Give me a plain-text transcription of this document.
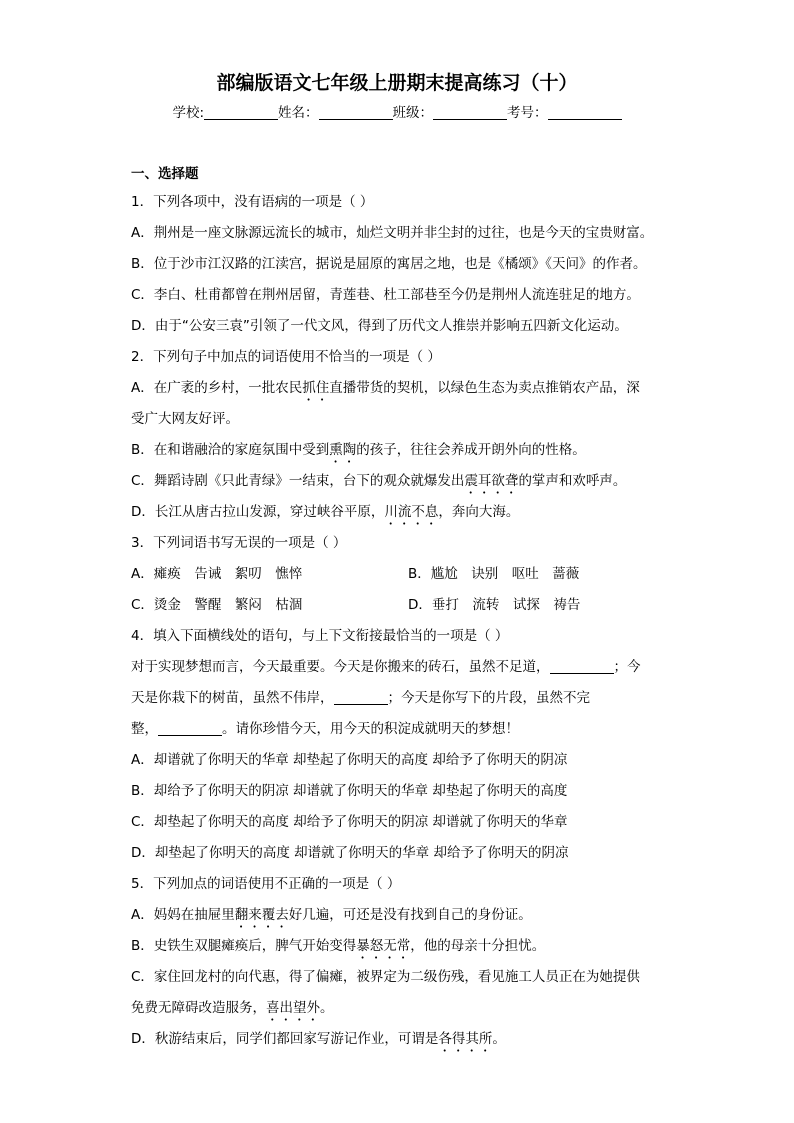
部编版语文七年级上册期末提高练习（十）
学校:	姓名：	班级：	考号：
一、选择题
1．下列各项中，没有语病的一项是（ ）
A．荆州是一座文脉源远流长的城市，灿烂文明并非尘封的过往，也是今天的宝贵财富。
B．位于沙市江汉路的江渎宫，据说是屈原的寓居之地，也是《橘颂》《天问》的作者。
C．李白、杜甫都曾在荆州居留，青莲巷、杜工部巷至今仍是荆州人流连驻足的地方。
D．由于“公安三袁”引领了一代文风，得到了历代文人推崇并影响五四新文化运动。
2．下列句子中加点的词语使用不恰当的一项是（ ）
A．在广袤的乡村，一批农民抓住直播带货的契机，以绿色生态为卖点推销农产品，深
受广大网友好评。
B．在和谐融洽的家庭氛围中受到熏陶的孩子，往往会养成开朗外向的性格。
C．舞蹈诗剧《只此青绿》一结束，台下的观众就爆发出震耳欲聋的掌声和欢呼声。
D．长江从唐古拉山发源，穿过峡谷平原，川流不息，奔向大海。
3．下列词语书写无误的一项是（ ）
A．瘫痪　告诫　絮叨　憔悴	B．尴尬　诀别　呕吐　蔷薇
C．烫金　警醒　繁闷　枯涸	D．垂打　流转　试探　祷告
4．填入下面横线处的语句，与上下文衔接最恰当的一项是（ ）
对于实现梦想而言，今天最重要。今天是你搬来的砖石，虽然不足道，	；今
天是你栽下的树苗，虽然不伟岸，	；今天是你写下的片段，虽然不完
整，	。请你珍惜今天，用今天的积淀成就明天的梦想！
A．却谱就了你明天的华章 却垫起了你明天的高度 却给予了你明天的阴凉
B．却给予了你明天的阴凉 却谱就了你明天的华章 却垫起了你明天的高度
C．却垫起了你明天的高度 却给予了你明天的阴凉 却谱就了你明天的华章
D．却垫起了你明天的高度 却谱就了你明天的华章 却给予了你明天的阴凉
5．下列加点的词语使用不正确的一项是（ ）
A．妈妈在抽屉里翻来覆去好几遍，可还是没有找到自己的身份证。
B．史铁生双腿瘫痪后，脾气开始变得暴怒无常，他的母亲十分担忧。
C．家住回龙村的向代惠，得了偏瘫，被界定为二级伤残，看见施工人员正在为她提供
免费无障碍改造服务，喜出望外。
D．秋游结束后，同学们都回家写游记作业，可谓是各得其所。
